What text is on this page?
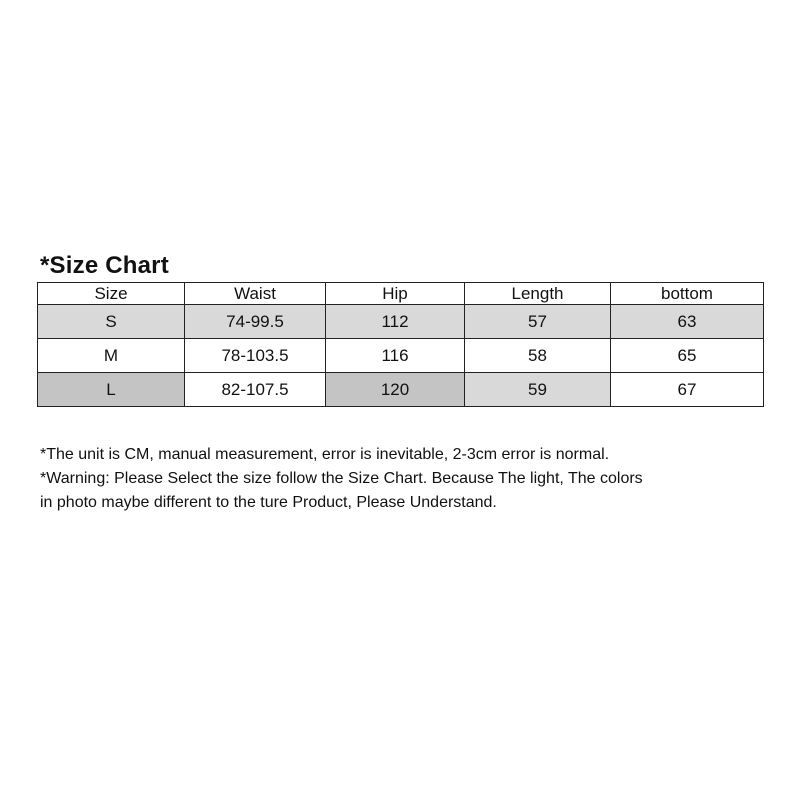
*Size Chart
Size	Waist	Hip	Length	bottom
S	74-99.5	112	57	63
M	78-103.5	116	58	65
L	82-107.5	120	59	67

*The unit is CM, manual measurement, error is inevitable, 2-3cm error is normal.

*Warning: Please Select the size follow the Size Chart. Because The light, The colors

in photo maybe different to the ture Product, Please Understand.
